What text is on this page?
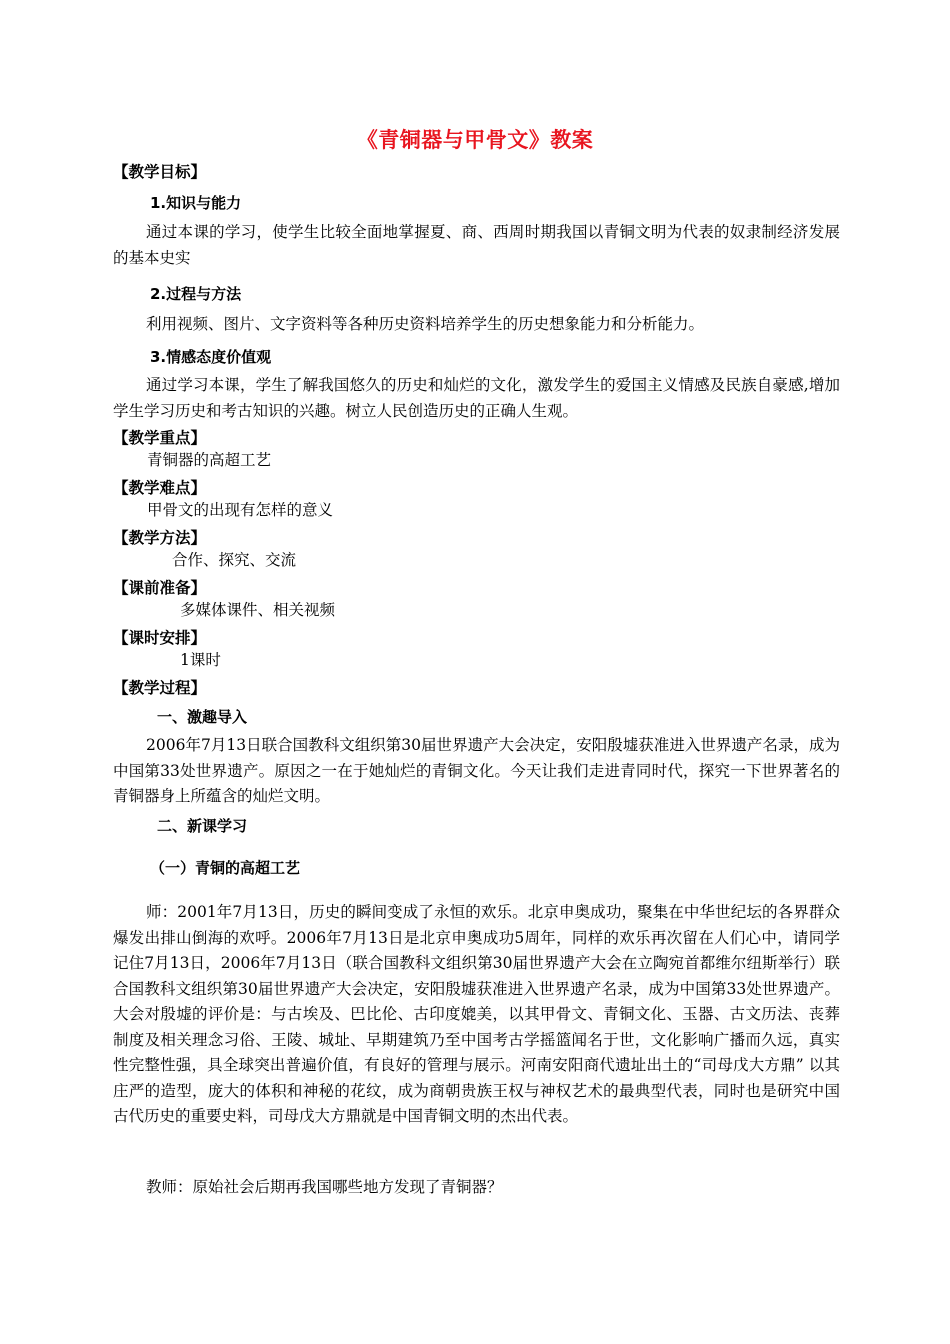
《青铜器与甲骨文》教案
【教学目标】
1.知识与能力
通过本课的学习，使学生比较全面地掌握夏、商、西周时期我国以青铜文明为代表的奴隶制经济发展的基本史实
2.过程与方法
利用视频、图片、文字资料等各种历史资料培养学生的历史想象能力和分析能力。
3.情感态度价值观
通过学习本课，学生了解我国悠久的历史和灿烂的文化，激发学生的爱国主义情感及民族自豪感,增加学生学习历史和考古知识的兴趣。树立人民创造历史的正确人生观。
【教学重点】
青铜器的高超工艺
【教学难点】
甲骨文的出现有怎样的意义
【教学方法】
合作、探究、交流
【课前准备】
多媒体课件、相关视频
【课时安排】
1课时
【教学过程】
一、激趣导入
2006年7月13日联合国教科文组织第30届世界遗产大会决定，安阳殷墟获准进入世界遗产名录，成为中国第33处世界遗产。原因之一在于她灿烂的青铜文化。今天让我们走进青同时代，探究一下世界著名的青铜器身上所蕴含的灿烂文明。
二、新课学习
（一）青铜的高超工艺
师：2001年7月13日，历史的瞬间变成了永恒的欢乐。北京申奥成功，聚集在中华世纪坛的各界群众爆发出排山倒海的欢呼。2006年7月13日是北京申奥成功5周年，同样的欢乐再次留在人们心中，请同学记住7月13日，2006年7月13日（联合国教科文组织第30届世界遗产大会在立陶宛首都维尔纽斯举行）联合国教科文组织第30届世界遗产大会决定，安阳殷墟获准进入世界遗产名录，成为中国第33处世界遗产。大会对殷墟的评价是：与古埃及、巴比伦、古印度媲美，以其甲骨文、青铜文化、玉器、古文历法、丧葬制度及相关理念习俗、王陵、城址、早期建筑乃至中国考古学摇篮闻名于世，文化影响广播而久远，真实性完整性强，具全球突出普遍价值，有良好的管理与展示。河南安阳商代遗址出土的“司母戊大方鼎” 以其庄严的造型，庞大的体积和神秘的花纹，成为商朝贵族王权与神权艺术的最典型代表，同时也是研究中国古代历史的重要史料，司母戊大方鼎就是中国青铜文明的杰出代表。
教师：原始社会后期再我国哪些地方发现了青铜器？
